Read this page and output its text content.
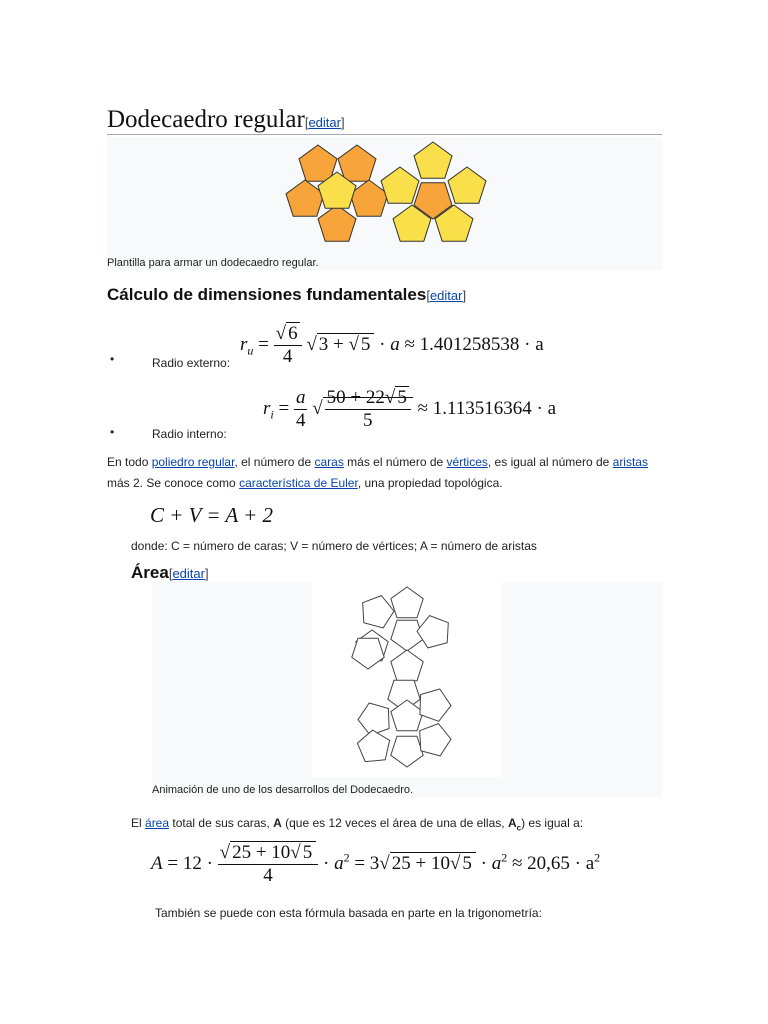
Dodecaedro regular[editar]
Plantilla para armar un dodecaedro regular.
Cálculo de dimensiones fundamentales[editar]
•	Radio externo:
$r_u = \frac{√ 6}{4}$ √ 3 + √ 5 · a ≈ 1.401258538 · a
•	Radio interno:
$r_i = \frac{a}{4}$ √ $\frac{50 + 22√ 5}{5} \approx 1.113516364 \cdot a$
En todo poliedro regular, el número de caras más el número de vértices, es igual al número de aristas más 2. Se conoce como característica de Euler, una propiedad topológica.
C + V = A + 2
donde: C = número de caras; V = número de vértices; A = número de aristas
Área[editar]
Animación de uno de los desarrollos del Dodecaedro.
El área total de sus caras, A (que es 12 veces el área de una de ellas, $A_c$) es igual a:
$A = 12 \cdot \frac{√ 25 + 10√ 5}{4} \cdot a^2 = 3√$ 25 + 10√ $5 \cdot a^2 \approx 20,65 \cdot a^2$
También se puede con esta fórmula basada en parte en la trigonometría:
